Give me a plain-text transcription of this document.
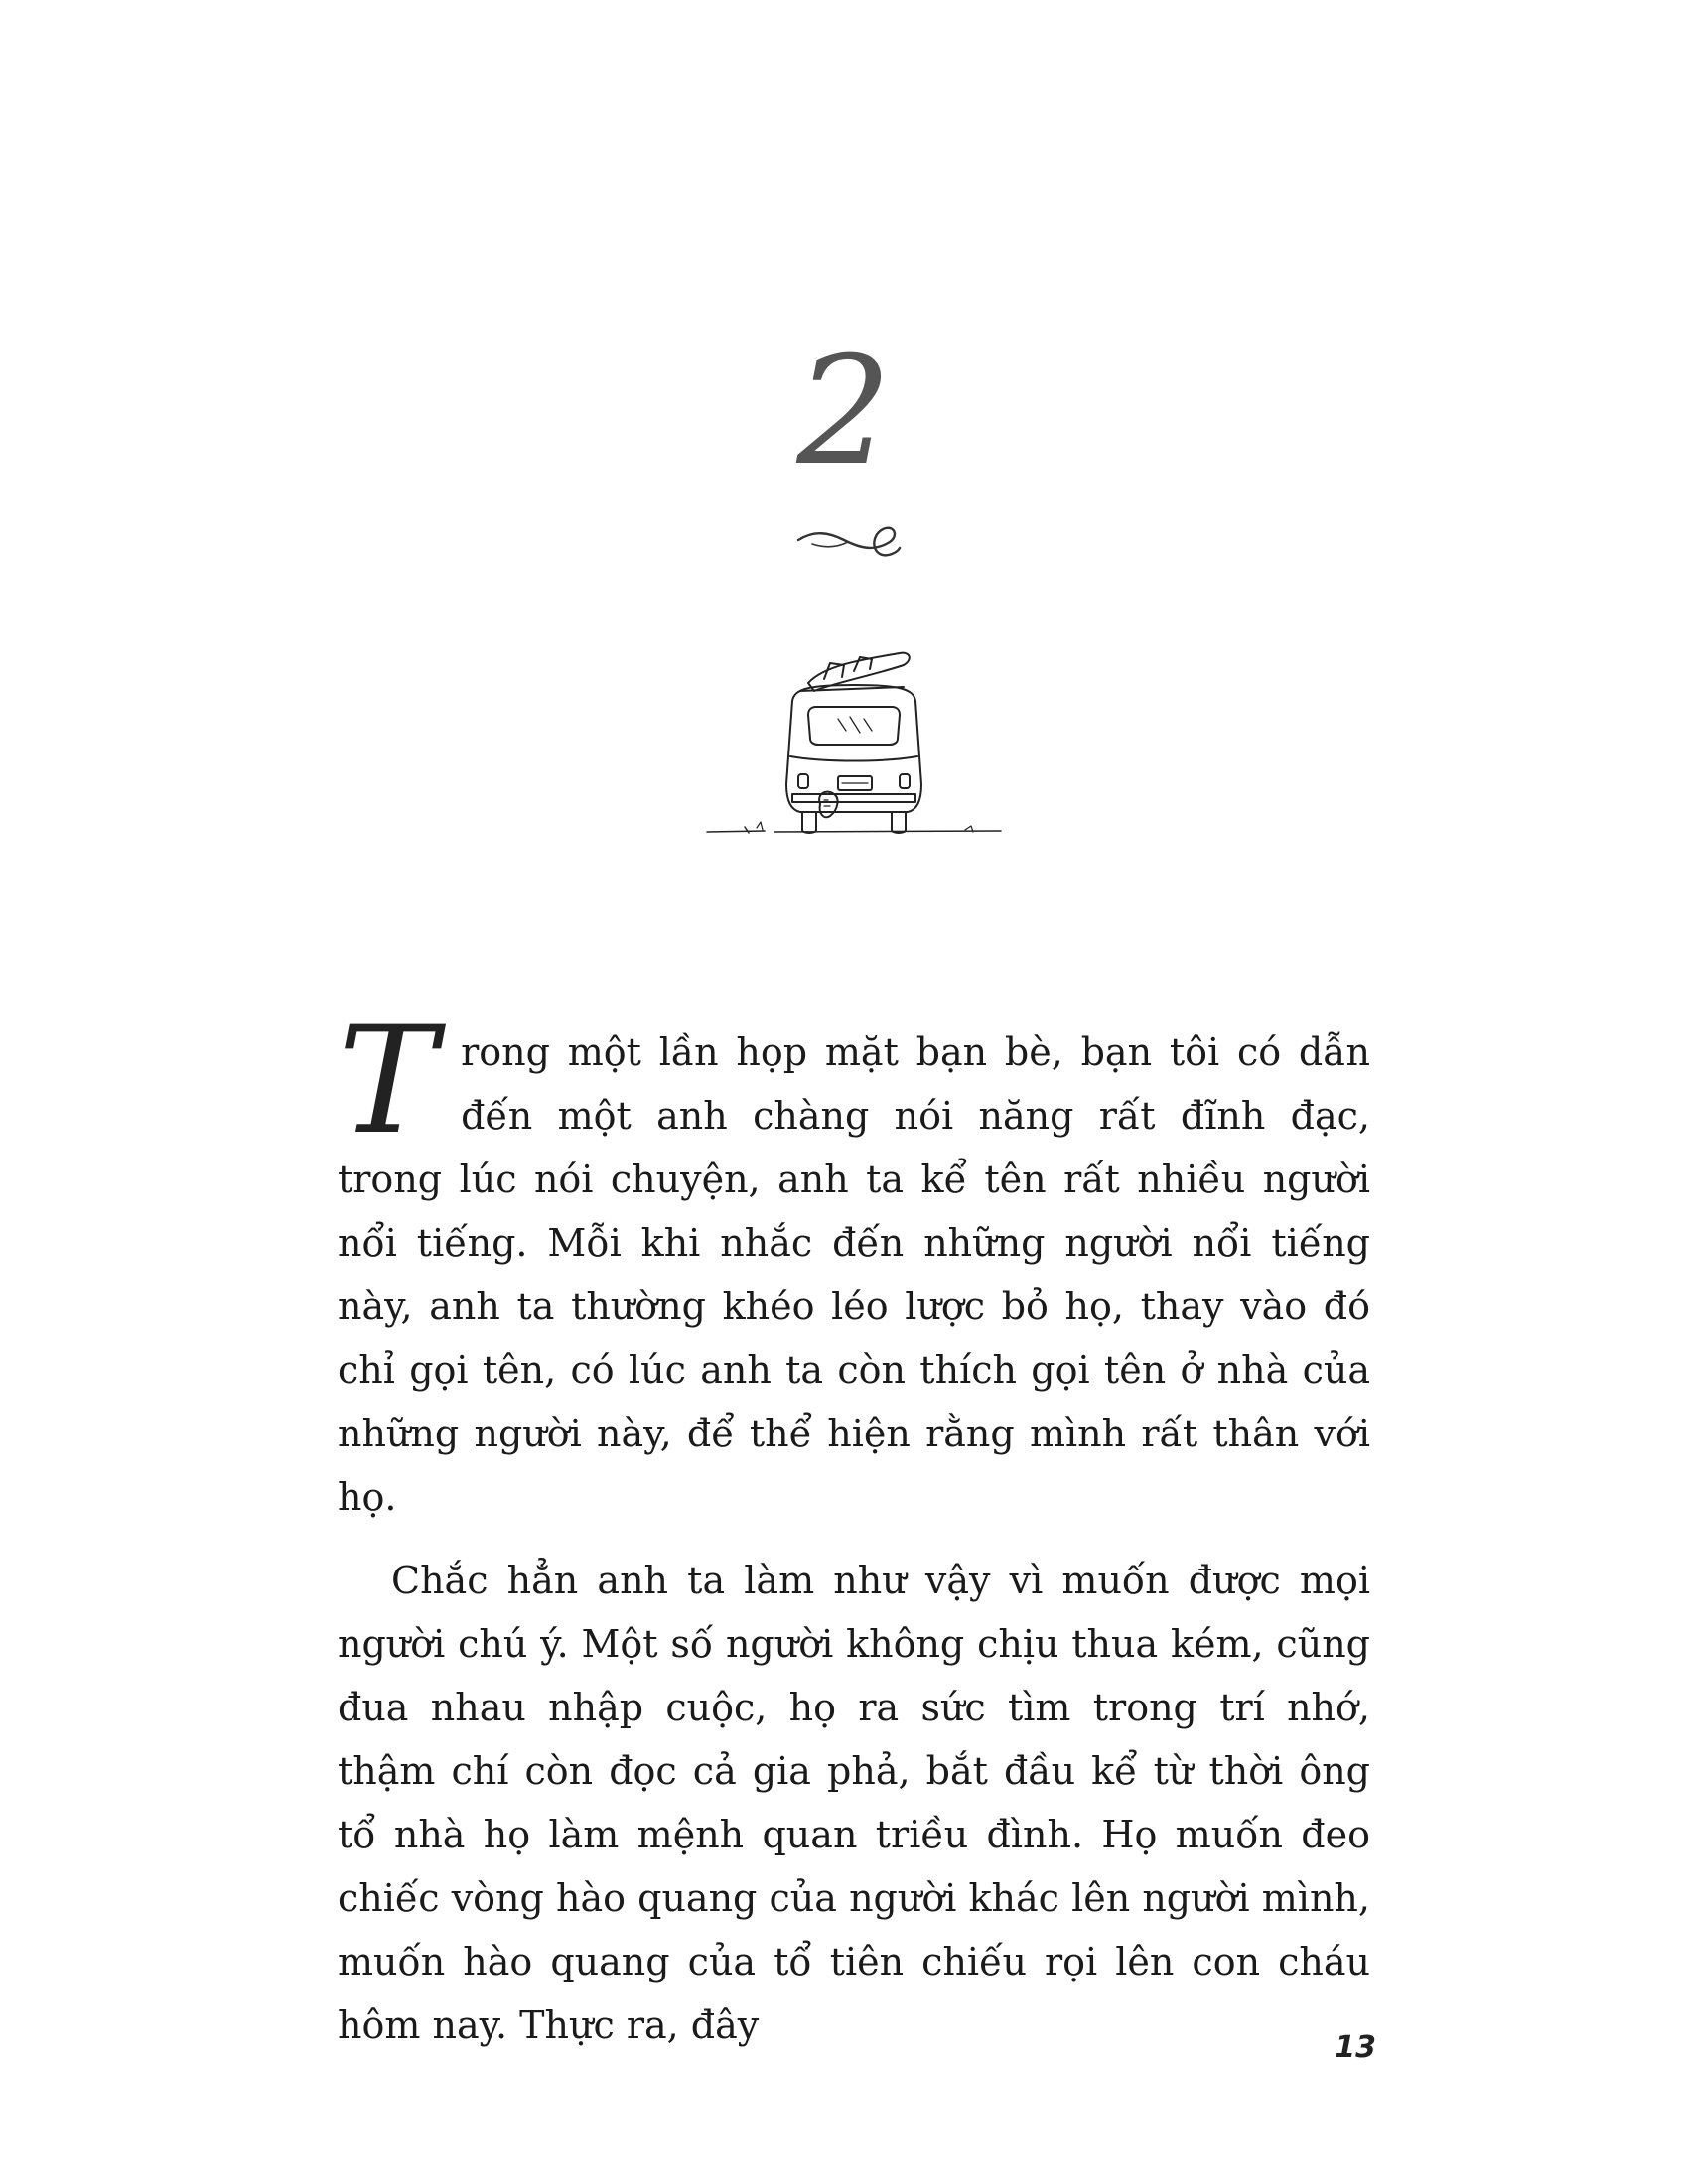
2

Trong một lần họp mặt bạn bè, bạn tôi có dẫn đến một anh chàng nói năng rất đĩnh đạc, trong lúc nói chuyện, anh ta kể tên rất nhiều người nổi tiếng. Mỗi khi nhắc đến những người nổi tiếng này, anh ta thường khéo léo lược bỏ họ, thay vào đó chỉ gọi tên, có lúc anh ta còn thích gọi tên ở nhà của những người này, để thể hiện rằng mình rất thân với họ.

Chắc hẳn anh ta làm như vậy vì muốn được mọi người chú ý. Một số người không chịu thua kém, cũng đua nhau nhập cuộc, họ ra sức tìm trong trí nhớ, thậm chí còn đọc cả gia phả, bắt đầu kể từ thời ông tổ nhà họ làm mệnh quan triều đình. Họ muốn đeo chiếc vòng hào quang của người khác lên người mình, muốn hào quang của tổ tiên chiếu rọi lên con cháu hôm nay. Thực ra, đây

13
